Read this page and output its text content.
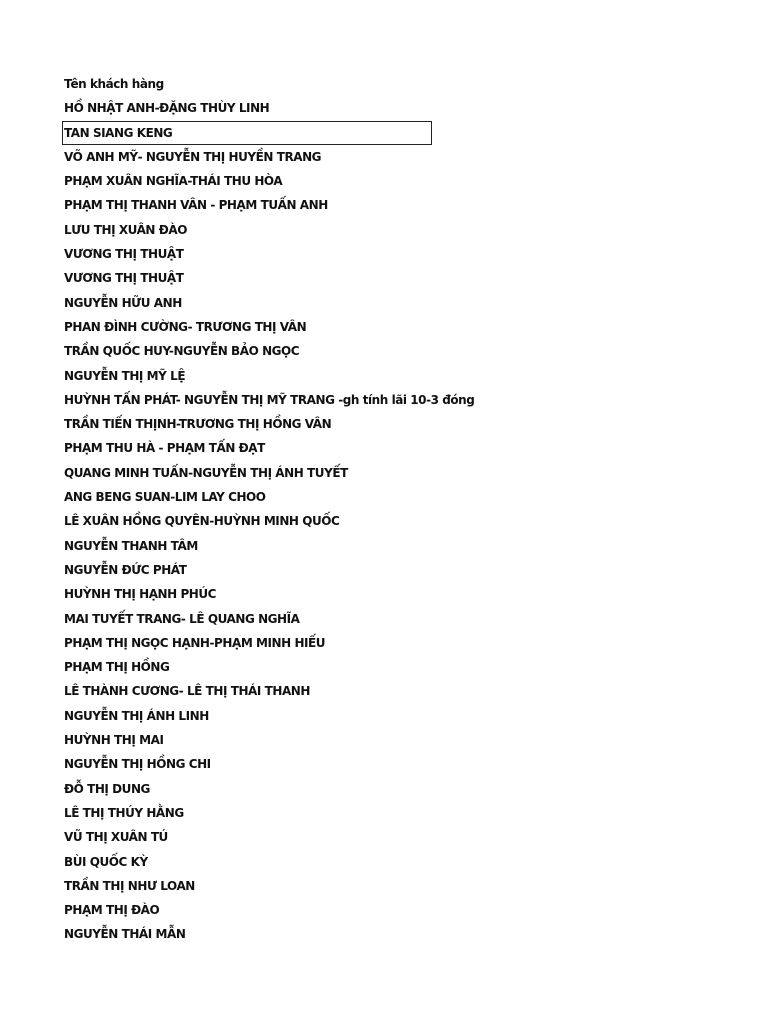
Tên khách hàng
HỒ NHẬT ANH-ĐẶNG THÙY LINH
TAN SIANG KENG
VÕ ANH MỸ- NGUYỄN THỊ HUYỀN TRANG
PHẠM XUÂN NGHĨA-THÁI THU HÒA
PHẠM THỊ THANH VÂN - PHẠM TUẤN ANH
LƯU THỊ XUÂN ĐÀO
VƯƠNG THỊ THUẬT
VƯƠNG THỊ THUẬT
NGUYỄN HỮU ANH
PHAN ĐÌNH CƯỜNG- TRƯƠNG THỊ VÂN
TRẦN QUỐC HUY-NGUYỄN BẢO NGỌC
NGUYỄN THỊ MỸ LỆ
HUỲNH TẤN PHÁT- NGUYỄN THỊ MỸ TRANG -gh tính lãi 10-3 đóng
TRẦN TIẾN THỊNH-TRƯƠNG THỊ HỒNG VÂN
PHẠM THU HÀ - PHẠM TẤN ĐẠT
QUANG MINH TUẤN-NGUYỄN THỊ ÁNH TUYẾT
ANG BENG SUAN-LIM LAY CHOO
LÊ XUÂN HỒNG QUYÊN-HUỲNH MINH QUỐC
NGUYỄN THANH TÂM
NGUYỄN ĐỨC PHÁT
HUỲNH THỊ HẠNH PHÚC
MAI TUYẾT TRANG- LÊ QUANG NGHĨA
PHẠM THỊ NGỌC HẠNH-PHẠM MINH HIẾU
PHẠM THỊ HỒNG
LÊ THÀNH CƯƠNG- LÊ THỊ THÁI THANH
NGUYỄN THỊ ÁNH LINH
HUỲNH THỊ MAI
NGUYỄN THỊ HỒNG CHI
ĐỖ THỊ DUNG
LÊ THỊ THÚY HẰNG
VŨ THỊ XUÂN TÚ
BÙI QUỐC KỲ
TRẦN THỊ NHƯ LOAN
PHẠM THỊ ĐÀO
NGUYỄN THÁI MẪN
